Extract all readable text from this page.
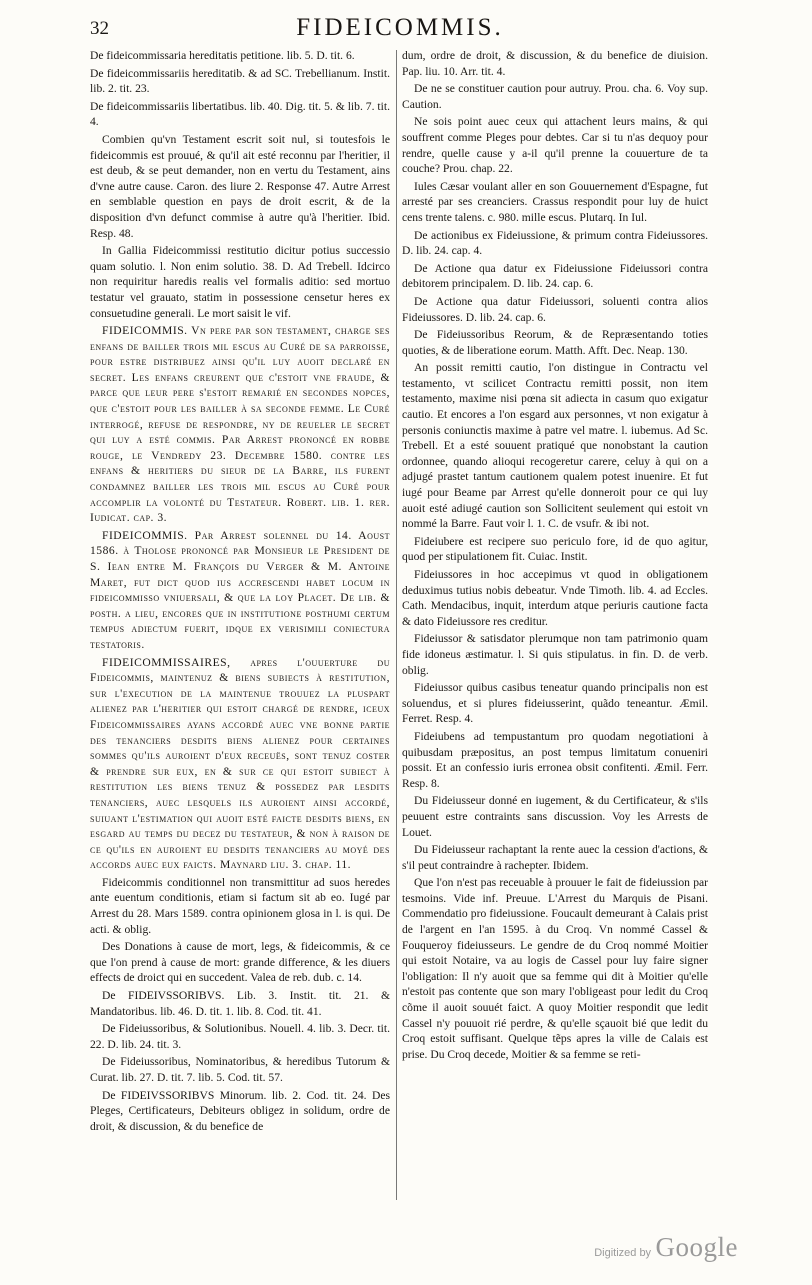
32	FIDEICOMMIS.

De fideicommissaria hereditatis petitione. lib. 5. D. tit. 6.

De fideicommissariis hereditatib. & ad SC. Trebellianum. Instit. lib. 2. tit. 23.

De fideicommissariis libertatibus. lib. 40. Dig. tit. 5. & lib. 7. tit. 4.

Combien qu'vn Testament escrit soit nul, si toutesfois le fideicommis est prouué, & qu'il ait esté reconnu par l'heritier, il est deub, & se peut demander, non en vertu du Testament, ains d'vne autre cause. Caron. des liure 2. Response 47. Autre Arrest en semblable question en pays de droit escrit, & de la disposition d'vn defunct commise à autre qu'à l'heritier. Ibid. Resp. 48.

In Gallia Fideicommissi restitutio dicitur potius successio quam solutio. l. Non enim solutio. 38. D. Ad Trebell. Idcirco non requiritur haredis realis vel formalis aditio: sed mortuo testatur vel grauato, statim in possessione censetur heres ex consuetudine generali. Le mort saisit le vif.

FIDEICOMMIS. Vn pere par son testament, charge ses enfans de bailler trois mil escus au Curé de sa parroisse, pour estre distribuez ainsi qu'il luy auoit declaré en secret. Les enfans creurent que c'estoit vne fraude, & parce que leur pere s'estoit remarié en secondes nopces, que c'estoit pour les bailler à sa seconde femme. Le Curé interrogé, refuse de respondre, ny de reueler le secret qui luy a esté commis. Par Arrest prononcé en robbe rouge, le Vendredy 23. Decembre 1580. contre les enfans & heritiers du sieur de la Barre, ils furent condamnez bailler les trois mil escus au Curé pour accomplir la volonté du Testateur. Robert. lib. 1. rer. Iudicat. cap. 3.

FIDEICOMMIS. Par Arrest solennel du 14. Aoust 1586. à Tholose prononcé par Monsieur le President de S. Iean entre M. François du Verger & M. Antoine Maret, fut dict quod ius accrescendi habet locum in fideicommisso vniuersali, & que la loy Placet. De lib. & posth. a lieu, encores que in institutione posthumi certum tempus adiectum fuerit, idque ex verisimili coniectura testatoris.

FIDEICOMMISSAIRES, apres l'ouuerture du Fideicommis, maintenuz & biens subiects à restitution, sur l'execution de la maintenue trouuez la pluspart alienez par l'heritier qui estoit chargé de rendre, iceux Fideicommissaires ayans accordé auec vne bonne partie des tenanciers desdits biens alienez pour certaines sommes qu'ils auroient d'eux receuës, sont tenuz coster & prendre sur eux, en & sur ce qui estoit subiect à restitution les biens tenuz & possedez par lesdits tenanciers, auec lesquels ils auroient ainsi accordé, suiuant l'estimation qui auoit esté faicte desdits biens, en esgard au temps du decez du testateur, & non à raison de ce qu'ils en auroient eu desdits tenanciers au moyé des accords auec eux faicts. Maynard liu. 3. chap. 11.

Fideicommis conditionnel non transmittitur ad suos heredes ante euentum conditionis, etiam si factum sit ab eo. Iugé par Arrest du 28. Mars 1589. contra opinionem glosa in l. is qui. De acti. & oblig.

Des Donations à cause de mort, legs, & fideicommis, & ce que l'on prend à cause de mort: grande difference, & les diuers effects de droict qui en succedent. Valea de reb. dub. c. 14.

De FIDEIVSSORIBVS. Lib. 3. Instit. tit. 21. & Mandatoribus. lib. 46. D. tit. 1. lib. 8. Cod. tit. 41.

De Fideiussoribus, & Solutionibus. Nouell. 4. lib. 3. Decr. tit. 22. D. lib. 24. tit. 3.

De Fideiussoribus, Nominatoribus, & heredibus Tutorum & Curat. lib. 27. D. tit. 7. lib. 5. Cod. tit. 57.

De FIDEIVSSORIBVS Minorum. lib. 2. Cod. tit. 24. Des Pleges, Certificateurs, Debiteurs obligez in solidum, ordre de droit, & discussion, & du benefice de

dum, ordre de droit, & discussion, & du benefice de diuision. Pap. liu. 10. Arr. tit. 4.

De ne se constituer caution pour autruy. Prou. cha. 6. Voy sup. Caution.

Ne sois point auec ceux qui attachent leurs mains, & qui souffrent comme Pleges pour debtes. Car si tu n'as dequoy pour rendre, quelle cause y a-il qu'il prenne la couuerture de ta couche? Prou. chap. 22.

Iules Cæsar voulant aller en son Gouuernement d'Espagne, fut arresté par ses creanciers. Crassus respondit pour luy de huict cens trente talens. c. 980. mille escus. Plutarq. In Iul.

De actionibus ex Fideiussione, & primum contra Fideiussores. D. lib. 24. cap. 4.

De Actione qua datur ex Fideiussione Fideiussori contra debitorem principalem. D. lib. 24. cap. 6.

De Actione qua datur Fideiussori, soluenti contra alios Fideiussores. D. lib. 24. cap. 6.

De Fideiussoribus Reorum, & de Repræsentando toties quoties, & de liberatione eorum. Matth. Afft. Dec. Neap. 130.

An possit remitti cautio, l'on distingue in Contractu vel testamento, vt scilicet Contractu remitti possit, non item testamento, maxime nisi pœna sit adiecta in casum quo exigatur cautio. Et encores a l'on esgard aux personnes, vt non exigatur à personis coniunctis maxime à patre vel matre. l. iubemus. Ad Sc. Trebell. Et a esté souuent pratiqué que nonobstant la caution ordonnee, quando alioqui recogeretur carere, celuy à qui on a adjugé prastet tantum cautionem qualem potest inuenire. Et fut iugé pour Beame par Arrest qu'elle donneroit pour ce qui luy auoit esté adiugé caution son Sollicitent seulement qui estoit vn nommé la Barre. Faut voir l. 1. C. de vsufr. & ibi not.

Fideiubere est recipere suo periculo fore, id de quo agitur, quod per stipulationem fit. Cuiac. Instit.

Fideiussores in hoc accepimus vt quod in obligationem deduximus tutius nobis debeatur. Vnde Timoth. lib. 4. ad Eccles. Cath. Mendacibus, inquit, interdum atque periuris cautione facta & dato Fideiussore res creditur.

Fideiussor & satisdator plerumque non tam patrimonio quam fide idoneus æstimatur. l. Si quis stipulatus. in fin. D. de verb. oblig.

Fideiussor quibus casibus teneatur quando principalis non est soluendus, et si plures fideiusserint, quãdo teneantur. Æmil. Ferret. Resp. 4.

Fideiubens ad tempustantum pro quodam negotiationi à quibusdam præpositus, an post tempus limitatum conueniri possit. Et an confessio iuris erronea obsit confitenti. Æmil. Ferr. Resp. 8.

Du Fideiusseur donné en iugement, & du Certificateur, & s'ils peuuent estre contraints sans discussion. Voy les Arrests de Louet.

Du Fideiusseur rachaptant la rente auec la cession d'actions, & s'il peut contraindre à rachepter. Ibidem.

Que l'on n'est pas receuable à prouuer le fait de fideiussion par tesmoins. Vide inf. Preuue. L'Arrest du Marquis de Pisani. Commendatio pro fideiussione. Foucault demeurant à Calais prist de l'argent en l'an 1595. à du Croq. Vn nommé Cassel & Fouqueroy fideiusseurs. Le gendre de du Croq nommé Moitier qui estoit Notaire, va au logis de Cassel pour luy faire signer l'obligation: Il n'y auoit que sa femme qui dit à Moitier qu'elle n'estoit pas contente que son mary l'obligeast pour ledit du Croq cõme il auoit souuét faict. A quoy Moitier respondit que ledit Cassel n'y pouuoit rié perdre, & qu'elle sçauoit bié que ledit du Croq estoit suffisant. Quelque tẽps apres la ville de Calais est prise. Du Croq decede, Moitier & sa femme se reti-

Digitized by Google
